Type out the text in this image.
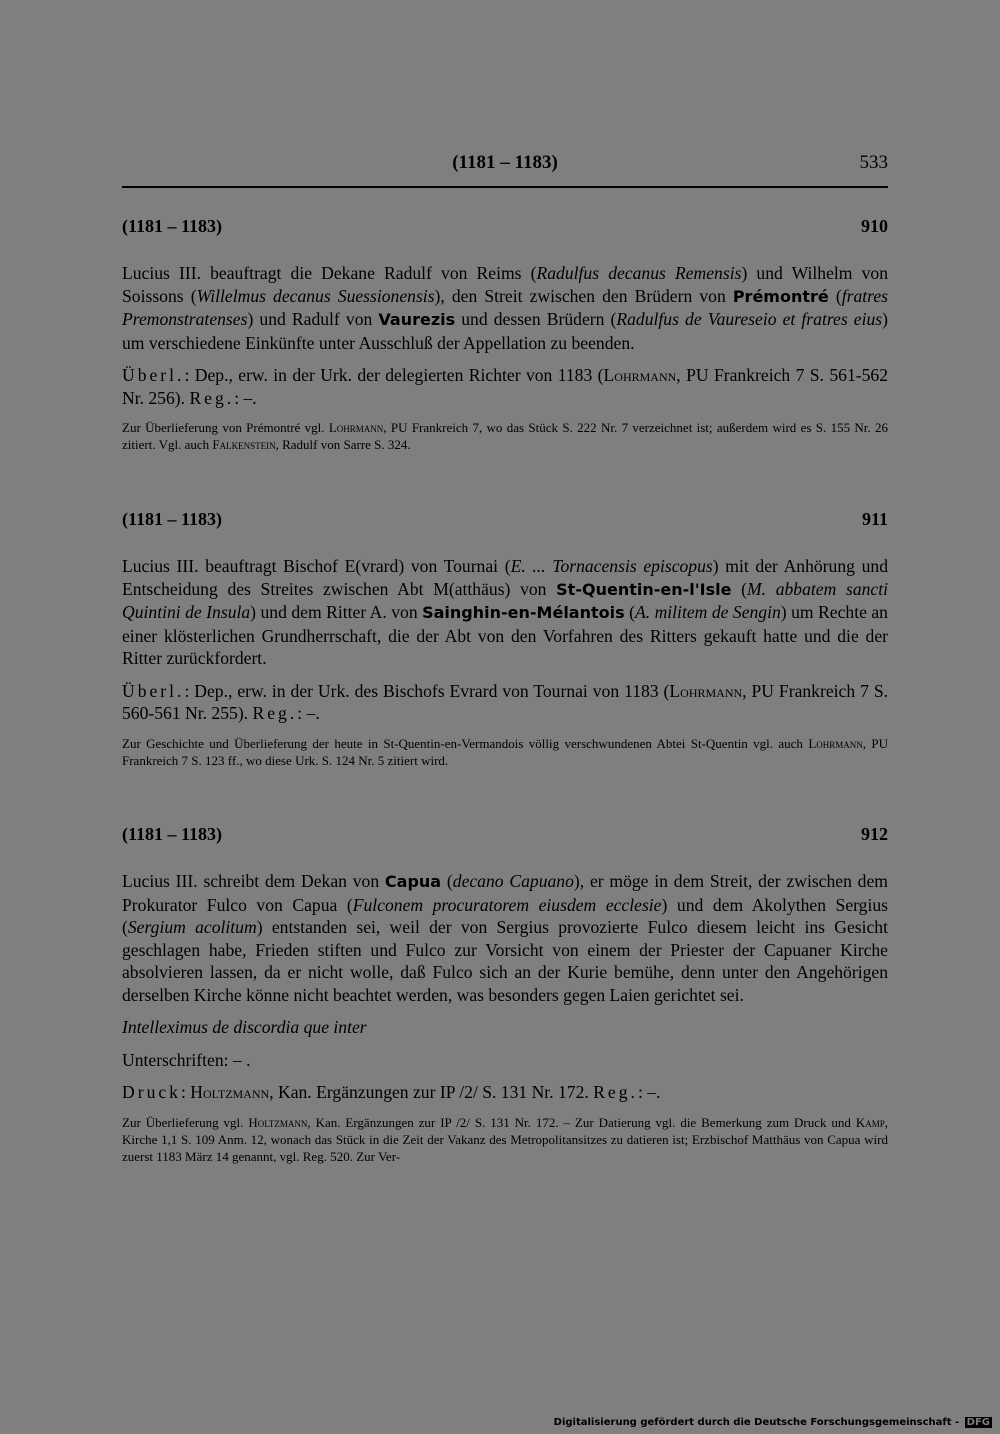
(1181 – 1183)	533
(1181 – 1183)	910

Lucius III. beauftragt die Dekane Radulf von Reims (Radulfus decanus Remensis) und Wilhelm von Soissons (Willelmus decanus Suessionensis), den Streit zwischen den Brüdern von Prémontré (fratres Premonstratenses) und Radulf von Vaurezis und dessen Brüdern (Radulfus de Vaureseio et fratres eius) um verschiedene Einkünfte unter Ausschluß der Appellation zu beenden.

Überl.: Dep., erw. in der Urk. der delegierten Richter von 1183 (Lohrmann, PU Frankreich 7 S. 561-562 Nr. 256). Reg.: –.

Zur Überlieferung von Prémontré vgl. Lohrmann, PU Frankreich 7, wo das Stück S. 222 Nr. 7 verzeichnet ist; außerdem wird es S. 155 Nr. 26 zitiert. Vgl. auch Falkenstein, Radulf von Sarre S. 324.

(1181 – 1183)	911

Lucius III. beauftragt Bischof E(vrard) von Tournai (E. ... Tornacensis episcopus) mit der Anhörung und Entscheidung des Streites zwischen Abt M(atthäus) von St-Quentin-en-l'Isle (M. abbatem sancti Quintini de Insula) und dem Ritter A. von Sainghin-en-Mélantois (A. militem de Sengin) um Rechte an einer klösterlichen Grundherrschaft, die der Abt von den Vorfahren des Ritters gekauft hatte und die der Ritter zurückfordert.

Überl.: Dep., erw. in der Urk. des Bischofs Evrard von Tournai von 1183 (Lohrmann, PU Frankreich 7 S. 560-561 Nr. 255). Reg.: –.

Zur Geschichte und Überlieferung der heute in St-Quentin-en-Vermandois völlig verschwundenen Abtei St-Quentin vgl. auch Lohrmann, PU Frankreich 7 S. 123 ff., wo diese Urk. S. 124 Nr. 5 zitiert wird.

(1181 – 1183)	912

Lucius III. schreibt dem Dekan von Capua (decano Capuano), er möge in dem Streit, der zwischen dem Prokurator Fulco von Capua (Fulconem procuratorem eiusdem ecclesie) und dem Akolythen Sergius (Sergium acolitum) entstanden sei, weil der von Sergius provozierte Fulco diesem leicht ins Gesicht geschlagen habe, Frieden stiften und Fulco zur Vorsicht von einem der Priester der Capuaner Kirche absolvieren lassen, da er nicht wolle, daß Fulco sich an der Kurie bemühe, denn unter den Angehörigen derselben Kirche könne nicht beachtet werden, was besonders gegen Laien gerichtet sei.

Intelleximus de discordia que inter

Unterschriften: – .

Druck: Holtzmann, Kan. Ergänzungen zur IP /2/ S. 131 Nr. 172. Reg.: –.

Zur Überlieferung vgl. Holtzmann, Kan. Ergänzungen zur IP /2/ S. 131 Nr. 172. – Zur Datierung vgl. die Bemerkung zum Druck und Kamp, Kirche 1,1 S. 109 Anm. 12, wonach das Stück in die Zeit der Vakanz des Metropolitansitzes zu datieren ist; Erzbischof Matthäus von Capua wird zuerst 1183 März 14 genannt, vgl. Reg. 520. Zur Ver-

Digitalisierung gefördert durch die Deutsche Forschungsgemeinschaft - DFG
